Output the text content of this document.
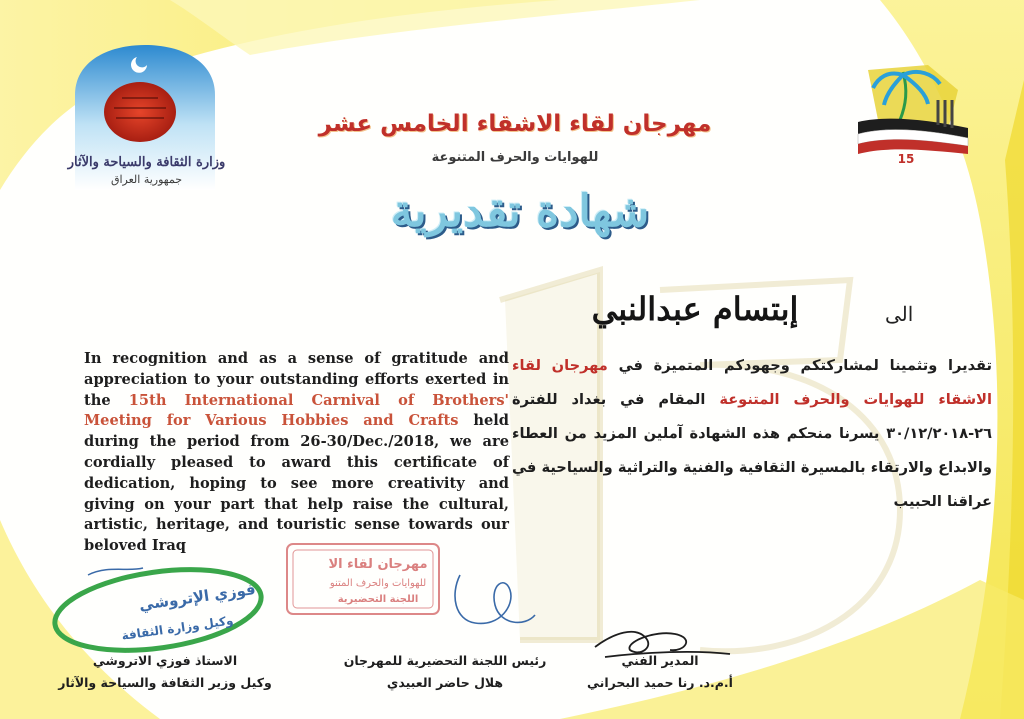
وزارة الثقافة والسياحة والآثار
جمهورية العراق
15
مهرجان لقاء الاشقاء الخامس عشر
للهوايات والحرف المتنوعة
شهادة تقديرية
الى
إبتسام عبدالنبي
In recognition and as a sense of gratitude and appreciation to your outstanding efforts exerted in the 15th International Carnival of Brothers' Meeting for Various Hobbies and Crafts held during the period from 26-30/Dec./2018, we are cordially pleased to award this certificate of dedication, hoping to see more creativity and giving on your part that help raise the cultural, artistic, heritage, and touristic sense towards our beloved Iraq
تقديرا وتثمينا لمشاركتكم وجهودكم المتميزة في مهرجان لقاء الاشقاء للهوايات والحرف المتنوعة المقام في بغداد للفترة ٢٦-٣٠/١٢/٢٠١٨ يسرنا منحكم هذه الشهادة آملين المزيد من العطاء والابداع والارتقاء بالمسيرة الثقافية والفنية والتراثية والسياحية في عراقنا الحبيب
فوزي الإتروشي
وكيل وزارة الثقافة
مهرجان لقاء الا
للهوايات والحرف المتنو
اللجنة التحضيرية
الاستاذ فوزي الاتروشي
وكيل وزير الثقافة والسياحة والآثار
رئيس اللجنة التحضيرية للمهرجان
هلال حاضر العبيدي
المدير الفني
أ.م.د. رنا حميد البحراني
